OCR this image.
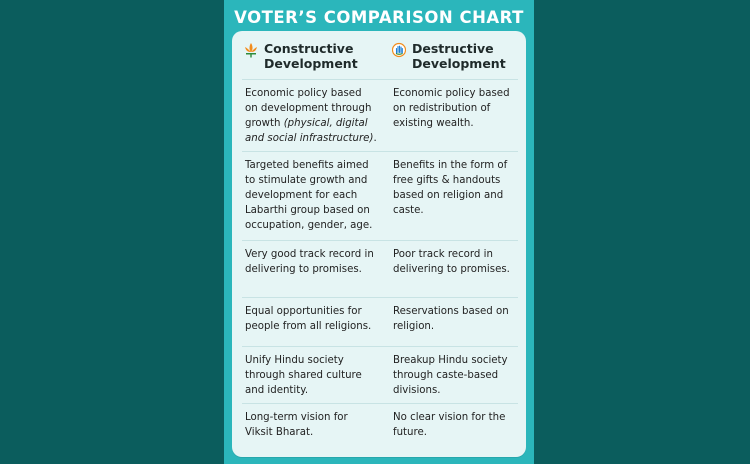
VOTER’S COMPARISON CHART
Constructive
Development
Destructive
Development
Economic policy based on development through growth (physical, digital and social infrastructure).
Economic policy based on redistribution of existing wealth.
Targeted benefits aimed to stimulate growth and development for each Labarthi group based on occupation, gender, age.
Benefits in the form of free gifts & handouts based on religion and caste.
Very good track record in delivering to promises.
Poor track record in delivering to promises.
Equal opportunities for people from all religions.
Reservations based on religion.
Unify Hindu society through shared culture and identity.
Breakup Hindu society through caste-based divisions.
Long-term vision for Viksit Bharat.
No clear vision for the future.
